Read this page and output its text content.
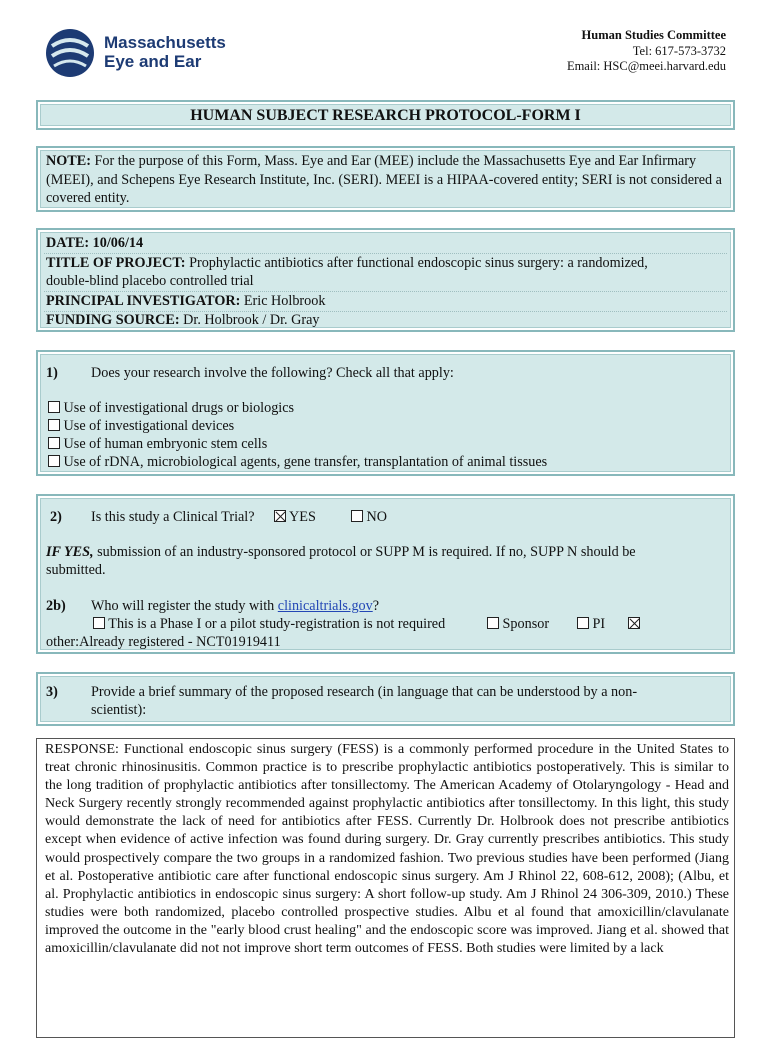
Massachusetts
Eye and Ear
Human Studies Committee
Tel: 617-573-3732
Email: HSC@meei.harvard.edu
HUMAN SUBJECT RESEARCH PROTOCOL-FORM I
NOTE: For the purpose of this Form, Mass. Eye and Ear (MEE) include the Massachusetts Eye and Ear Infirmary (MEEI), and Schepens Eye Research Institute, Inc. (SERI). MEEI is a HIPAA-covered entity; SERI is not considered a covered entity.
DATE: 10/06/14
TITLE OF PROJECT: Prophylactic antibiotics after functional endoscopic sinus surgery: a randomized,
double-blind placebo controlled trial
PRINCIPAL INVESTIGATOR: Eric Holbrook
FUNDING SOURCE: Dr. Holbrook / Dr. Gray
1) Does your research involve the following? Check all that apply:
Use of investigational drugs or biologics
Use of investigational devices
Use of human embryonic stem cells
Use of rDNA, microbiological agents, gene transfer, transplantation of animal tissues
2) Is this study a Clinical Trial?	YES	NO
IF YES, submission of an industry-sponsored protocol or SUPP M is required. If no, SUPP N should be
submitted.
2b) Who will register the study with clinicaltrials.gov?
This is a Phase I or a pilot study-registration is not required	Sponsor	PI
other:Already registered - NCT01919411
3) Provide a brief summary of the proposed research (in language that can be understood by a non-
scientist):
RESPONSE: Functional endoscopic sinus surgery (FESS) is a commonly performed procedure in the United States to treat chronic rhinosinusitis. Common practice is to prescribe prophylactic antibiotics postoperatively. This is similar to the long tradition of prophylactic antibiotics after tonsillectomy. The American Academy of Otolaryngology - Head and Neck Surgery recently strongly recommended against prophylactic antibiotics after tonsillectomy. In this light, this study would demonstrate the lack of need for antibiotics after FESS. Currently Dr. Holbrook does not prescribe antibiotics except when evidence of active infection was found during surgery. Dr. Gray currently prescribes antibiotics. This study would prospectively compare the two groups in a randomized fashion. Two previous studies have been performed (Jiang et al. Postoperative antibiotic care after functional endoscopic sinus surgery. Am J Rhinol 22, 608-612, 2008); (Albu, et al. Prophylactic antibiotics in endoscopic sinus surgery: A short follow-up study. Am J Rhinol 24 306-309, 2010.) These studies were both randomized, placebo controlled prospective studies. Albu et al found that amoxicillin/clavulanate improved the outcome in the "early blood crust healing" and the endoscopic score was improved. Jiang et al. showed that amoxicillin/clavulanate did not not improve short term outcomes of FESS. Both studies were limited by a lack
